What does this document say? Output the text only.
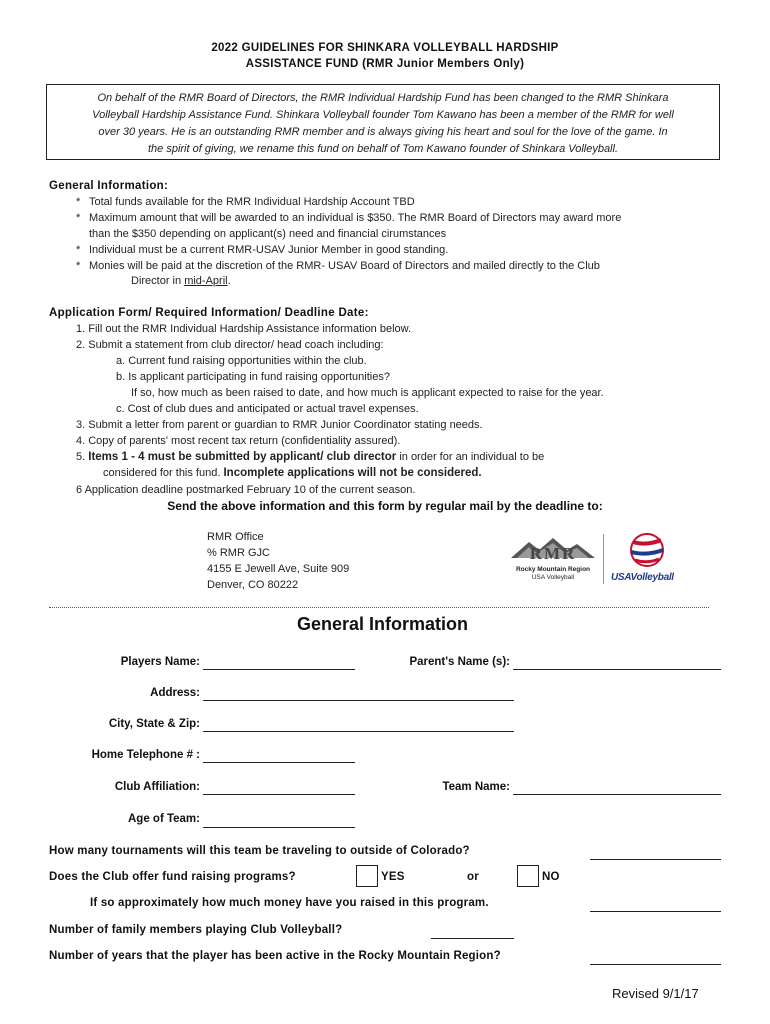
2022 GUIDELINES FOR SHINKARA VOLLEYBALL HARDSHIP
ASSISTANCE FUND (RMR Junior Members Only)
On behalf of the RMR Board of Directors, the RMR Individual Hardship Fund has been changed to the RMR Shinkara
Volleyball Hardship Assistance Fund. Shinkara Volleyball founder Tom Kawano has been a member of the RMR for well
over 30 years. He is an outstanding RMR member and is always giving his heart and soul for the love of the game. In
the spirit of giving, we rename this fund on behalf of Tom Kawano founder of Shinkara Volleyball.
General Information:
* Total funds available for the RMR Individual Hardship Account TBD
* Maximum amount that will be awarded to an individual is $350. The RMR Board of Directors may award more
than the $350 depending on applicant(s) need and financial cirumstances
* Individual must be a current RMR-USAV Junior Member in good standing.
* Monies will be paid at the discretion of the RMR- USAV Board of Directors and mailed directly to the Club
Director in mid-April.
Application Form/ Required Information/ Deadline Date:
1. Fill out the RMR Individual Hardship Assistance information below.
2. Submit a statement from club director/ head coach including:
a. Current fund raising opportunities within the club.
b. Is applicant participating in fund raising opportunities?
If so, how much as been raised to date, and how much is applicant expected to raise for the year.
c. Cost of club dues and anticipated or actual travel expenses.
3. Submit a letter from parent or guardian to RMR Junior Coordinator stating needs.
4. Copy of parents' most recent tax return (confidentiality assured).
5. Items 1 - 4 must be submitted by applicant/ club director in order for an individual to be
considered for this fund. Incomplete applications will not be considered.
6 Application deadline postmarked February 10 of the current season.
Send the above information and this form by regular mail by the deadline to:
RMR Office
% RMR GJC
4155 E Jewell Ave, Suite 909
Denver, CO 80222
RMR
Rocky Mountain Region
USA Volleyball	USAVolleyball
General Information
Players Name:	Parent's Name (s):
Address:
City, State & Zip:
Home Telephone # :
Club Affiliation:	Team Name:
Age of Team:
How many tournaments will this team be traveling to outside of Colorado?
Does the Club offer fund raising programs?	YES	or	NO
If so approximately how much money have you raised in this program.
Number of family members playing Club Volleyball?
Number of years that the player has been active in the Rocky Mountain Region?
Revised 9/1/17
